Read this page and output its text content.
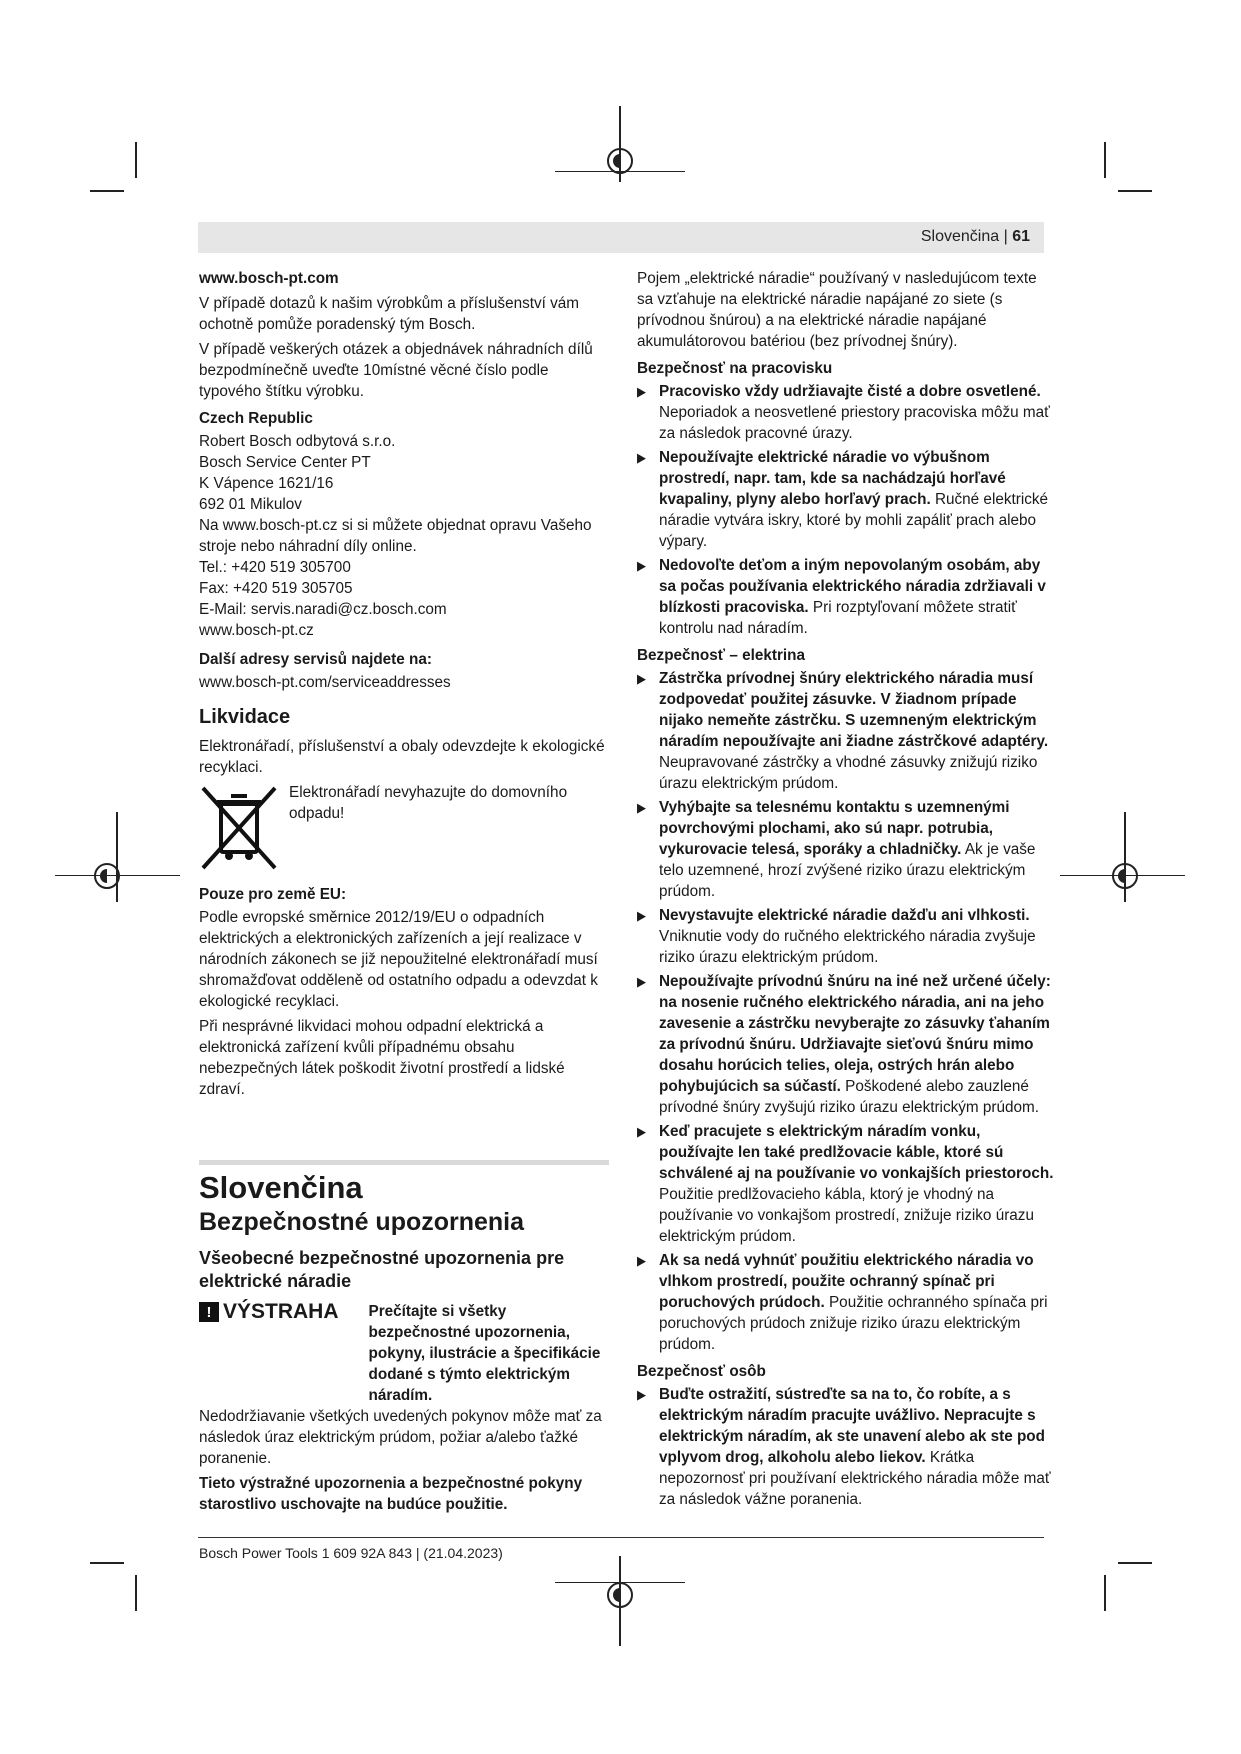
Slovenčina | 61

www.bosch-pt.com

V případě dotazů k našim výrobkům a příslušenství vám ochotně pomůže poradenský tým Bosch.

V případě veškerých otázek a objednávek náhradních dílů bezpodmínečně uveďte 10místné věcné číslo podle typového štítku výrobku.

Czech Republic
Robert Bosch odbytová s.r.o.
Bosch Service Center PT
K Vápence 1621/16
692 01 Mikulov
Na www.bosch-pt.cz si si můžete objednat opravu Vašeho stroje nebo náhradní díly online.
Tel.: +420 519 305700
Fax: +420 519 305705
E-Mail: servis.naradi@cz.bosch.com
www.bosch-pt.cz
Další adresy servisů najdete na:

www.bosch-pt.com/serviceaddresses

Likvidace

Elektronářadí, příslušenství a obaly odevzdejte k ekologické recyklaci.

Elektronářadí nevyhazujte do domovního odpadu!
Pouze pro země EU:

Podle evropské směrnice 2012/19/EU o odpadních elektrických a elektronických zařízeních a její realizace v národních zákonech se již nepoužitelné elektronářadí musí shromažďovat odděleně od ostatního odpadu a odevzdat k ekologické recyklaci.

Při nesprávné likvidaci mohou odpadní elektrická a elektronická zařízení kvůli případnému obsahu nebezpečných látek poškodit životní prostředí a lidské zdraví.

Slovenčina
Bezpečnostné upozornenia
Všeobecné bezpečnostné upozornenia pre elektrické náradie
! VÝSTRAHA Prečítajte si všetky bezpečnostné upozornenia, pokyny, ilustrácie a špecifikácie dodané s týmto elektrickým náradím.

Nedodržiavanie všetkých uvedených pokynov môže mať za následok úraz elektrickým prúdom, požiar a/alebo ťažké poranenie.

Tieto výstražné upozornenia a bezpečnostné pokyny starostlivo uschovajte na budúce použitie.

Pojem „elektrické náradie“ používaný v nasledujúcom texte sa vzťahuje na elektrické náradie napájané zo siete (s prívodnou šnúrou) a na elektrické náradie napájané akumulátorovou batériou (bez prívodnej šnúry).

Bezpečnosť na pracovisku
▶ Pracovisko vždy udržiavajte čisté a dobre osvetlené. Neporiadok a neosvetlené priestory pracoviska môžu mať za následok pracovné úrazy.
▶ Nepoužívajte elektrické náradie vo výbušnom prostredí, napr. tam, kde sa nachádzajú horľavé kvapaliny, plyny alebo horľavý prach. Ručné elektrické náradie vytvára iskry, ktoré by mohli zapáliť prach alebo výpary.
▶ Nedovoľte deťom a iným nepovolaným osobám, aby sa počas používania elektrického náradia zdržiavali v blízkosti pracoviska. Pri rozptyľovaní môžete stratiť kontrolu nad náradím.
Bezpečnosť – elektrina
▶ Zástrčka prívodnej šnúry elektrického náradia musí zodpovedať použitej zásuvke. V žiadnom prípade nijako nemeňte zástrčku. S uzemneným elektrickým náradím nepoužívajte ani žiadne zástrčkové adaptéry. Neupravované zástrčky a vhodné zásuvky znižujú riziko úrazu elektrickým prúdom.
▶ Vyhýbajte sa telesnému kontaktu s uzemnenými povrchovými plochami, ako sú napr. potrubia, vykurovacie telesá, sporáky a chladničky. Ak je vaše telo uzemnené, hrozí zvýšené riziko úrazu elektrickým prúdom.
▶ Nevystavujte elektrické náradie dažďu ani vlhkosti. Vniknutie vody do ručného elektrického náradia zvyšuje riziko úrazu elektrickým prúdom.
▶ Nepoužívajte prívodnú šnúru na iné než určené účely: na nosenie ručného elektrického náradia, ani na jeho zavesenie a zástrčku nevyberajte zo zásuvky ťahaním za prívodnú šnúru. Udržiavajte sieťovú šnúru mimo dosahu horúcich telies, oleja, ostrých hrán alebo pohybujúcich sa súčastí. Poškodené alebo zauzlené prívodné šnúry zvyšujú riziko úrazu elektrickým prúdom.
▶ Keď pracujete s elektrickým náradím vonku, používajte len také predlžovacie káble, ktoré sú schválené aj na používanie vo vonkajších priestoroch. Použitie predlžovacieho kábla, ktorý je vhodný na používanie vo vonkajšom prostredí, znižuje riziko úrazu elektrickým prúdom.
▶ Ak sa nedá vyhnúť použitiu elektrického náradia vo vlhkom prostredí, použite ochranný spínač pri poruchových prúdoch. Použitie ochranného spínača pri poruchových prúdoch znižuje riziko úrazu elektrickým prúdom.
Bezpečnosť osôb
▶ Buďte ostražití, sústreďte sa na to, čo robíte, a s elektrickým náradím pracujte uvážlivo. Nepracujte s elektrickým náradím, ak ste unavení alebo ak ste pod vplyvom drog, alkoholu alebo liekov. Krátka nepozornosť pri používaní elektrického náradia môže mať za následok vážne poranenia.
Bosch Power Tools 1 609 92A 843 | (21.04.2023)
